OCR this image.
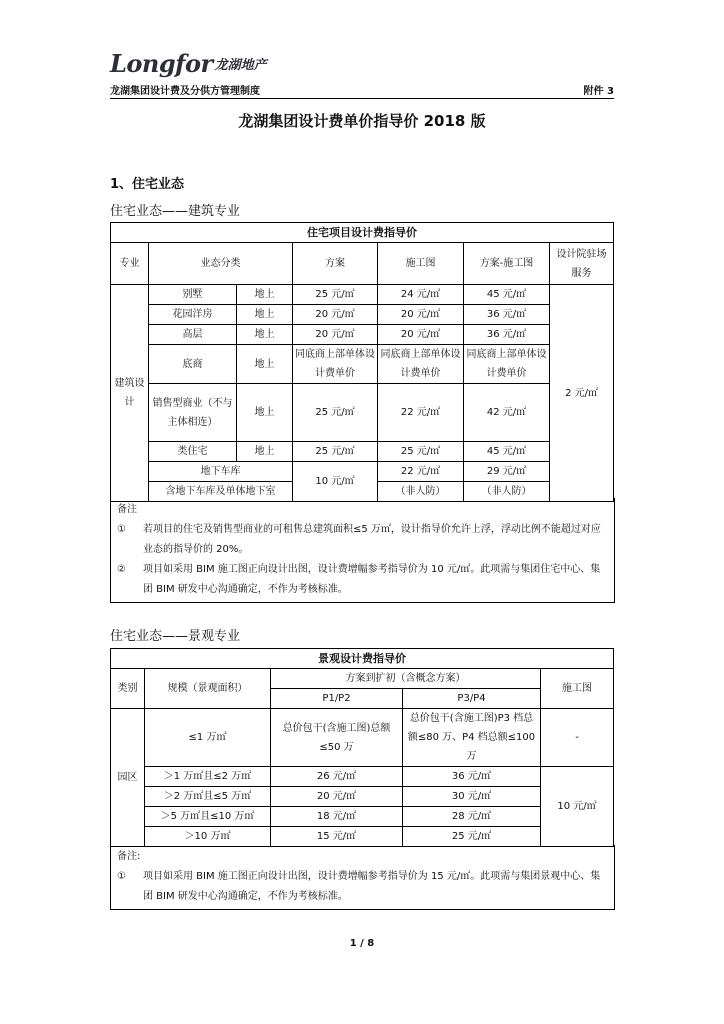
Longfor 龙湖地产
龙湖集团设计费及分供方管理制度	附件 3
龙湖集团设计费单价指导价 2018 版
1、住宅业态
住宅业态——建筑专业
住宅项目设计费指导价						
专业	业态分类		方案	施工图	方案-施工图	设计院驻场服务
建筑设计	别墅	地上	25 元/㎡	24 元/㎡	45 元/㎡	2 元/㎡
	花园洋房	地上	20 元/㎡	20 元/㎡	36 元/㎡	
	高层	地上	20 元/㎡	20 元/㎡	36 元/㎡	
	底商	地上	同底商上部单体设计费单价	同底商上部单体设计费单价	同底商上部单体设计费单价	
	销售型商业（不与主体相连）	地上	25 元/㎡	22 元/㎡	42 元/㎡	
	类住宅	地上	25 元/㎡	25 元/㎡	45 元/㎡	
	地下车库		10 元/㎡	22 元/㎡	29 元/㎡	
	含地下车库及单体地下室			（非人防）	（非人防）	
备注
①	若项目的住宅及销售型商业的可租售总建筑面积≤5 万㎡，设计指导价允许上浮，浮动比例不能超过对应业态的指导价的 20%。
②	项目如采用 BIM 施工图正向设计出图，设计费增幅参考指导价为 10 元/㎡。此项需与集团住宅中心、集团 BIM 研发中心沟通确定，不作为考核标准。
住宅业态——景观专业
景观设计费指导价				
类别	规模（景观面积）	方案到扩初（含概念方案）		施工图
		P1/P2	P3/P4	
园区	≤1 万㎡	总价包干(含施工图)总额≤50 万	总价包干(含施工图)P3 档总额≤80 万、P4 档总额≤100 万	-
	＞1 万㎡且≤2 万㎡	26 元/㎡	36 元/㎡	10 元/㎡
	＞2 万㎡且≤5 万㎡	20 元/㎡	30 元/㎡	
	＞5 万㎡且≤10 万㎡	18 元/㎡	28 元/㎡	
	＞10 万㎡	15 元/㎡	25 元/㎡	
备注:
①	项目如采用 BIM 施工图正向设计出图，设计费增幅参考指导价为 15 元/㎡。此项需与集团景观中心、集团 BIM 研发中心沟通确定，不作为考核标准。
1 / 8
